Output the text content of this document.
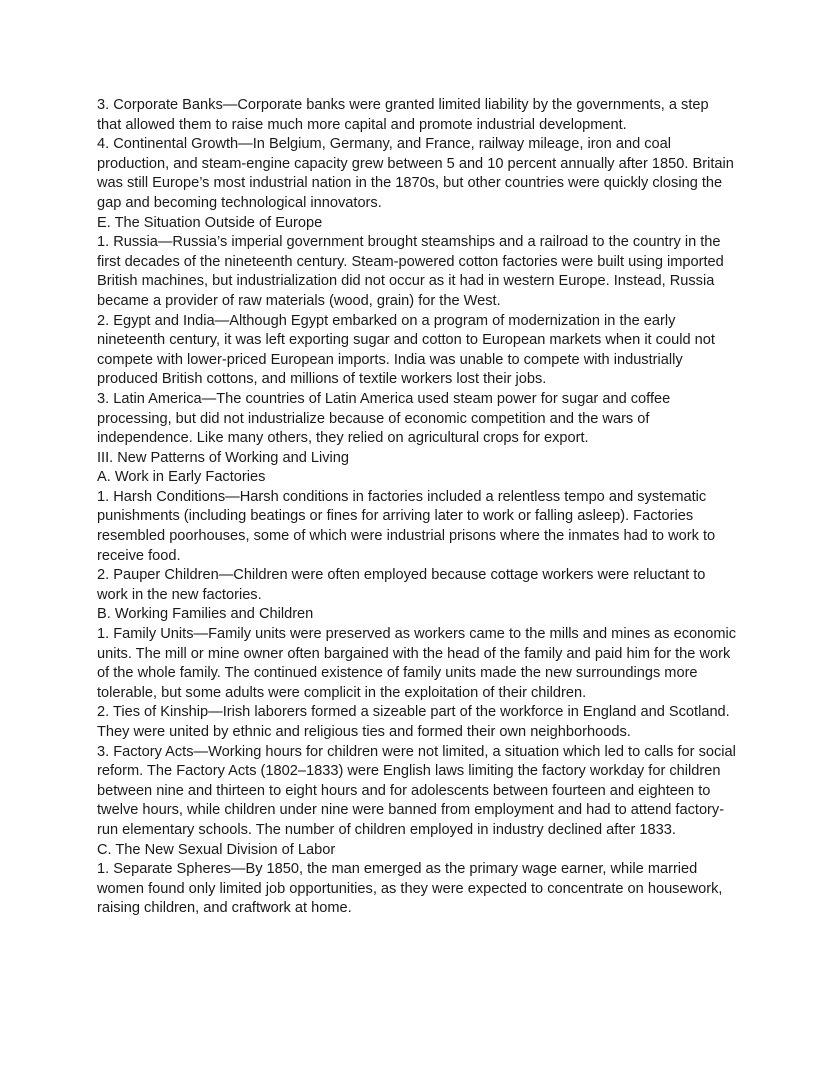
3. Corporate Banks—Corporate banks were granted limited liability by the governments, a step that allowed them to raise much more capital and promote industrial development.

4. Continental Growth—In Belgium, Germany, and France, railway mileage, iron and coal production, and steam-engine capacity grew between 5 and 10 percent annually after 1850. Britain was still Europe’s most industrial nation in the 1870s, but other countries were quickly closing the gap and becoming technological innovators.

E. The Situation Outside of Europe

1. Russia—Russia’s imperial government brought steamships and a railroad to the country in the first decades of the nineteenth century. Steam-powered cotton factories were built using imported British machines, but industrialization did not occur as it had in western Europe. Instead, Russia became a provider of raw materials (wood, grain) for the West.

2. Egypt and India—Although Egypt embarked on a program of modernization in the early nineteenth century, it was left exporting sugar and cotton to European markets when it could not compete with lower-priced European imports. India was unable to compete with industrially produced British cottons, and millions of textile workers lost their jobs.

3. Latin America—The countries of Latin America used steam power for sugar and coffee processing, but did not industrialize because of economic competition and the wars of independence. Like many others, they relied on agricultural crops for export.

III. New Patterns of Working and Living

A. Work in Early Factories

1. Harsh Conditions—Harsh conditions in factories included a relentless tempo and systematic punishments (including beatings or fines for arriving later to work or falling asleep). Factories resembled poorhouses, some of which were industrial prisons where the inmates had to work to receive food.

2. Pauper Children—Children were often employed because cottage workers were reluctant to work in the new factories.

B. Working Families and Children

1. Family Units—Family units were preserved as workers came to the mills and mines as economic units. The mill or mine owner often bargained with the head of the family and paid him for the work of the whole family. The continued existence of family units made the new surroundings more tolerable, but some adults were complicit in the exploitation of their children.

2. Ties of Kinship—Irish laborers formed a sizeable part of the workforce in England and Scotland. They were united by ethnic and religious ties and formed their own neighborhoods.

3. Factory Acts—Working hours for children were not limited, a situation which led to calls for social reform. The Factory Acts (1802–1833) were English laws limiting the factory workday for children between nine and thirteen to eight hours and for adolescents between fourteen and eighteen to twelve hours, while children under nine were banned from employment and had to attend factory-run elementary schools. The number of children employed in industry declined after 1833.

C. The New Sexual Division of Labor

1. Separate Spheres—By 1850, the man emerged as the primary wage earner, while married women found only limited job opportunities, as they were expected to concentrate on housework, raising children, and craftwork at home.
